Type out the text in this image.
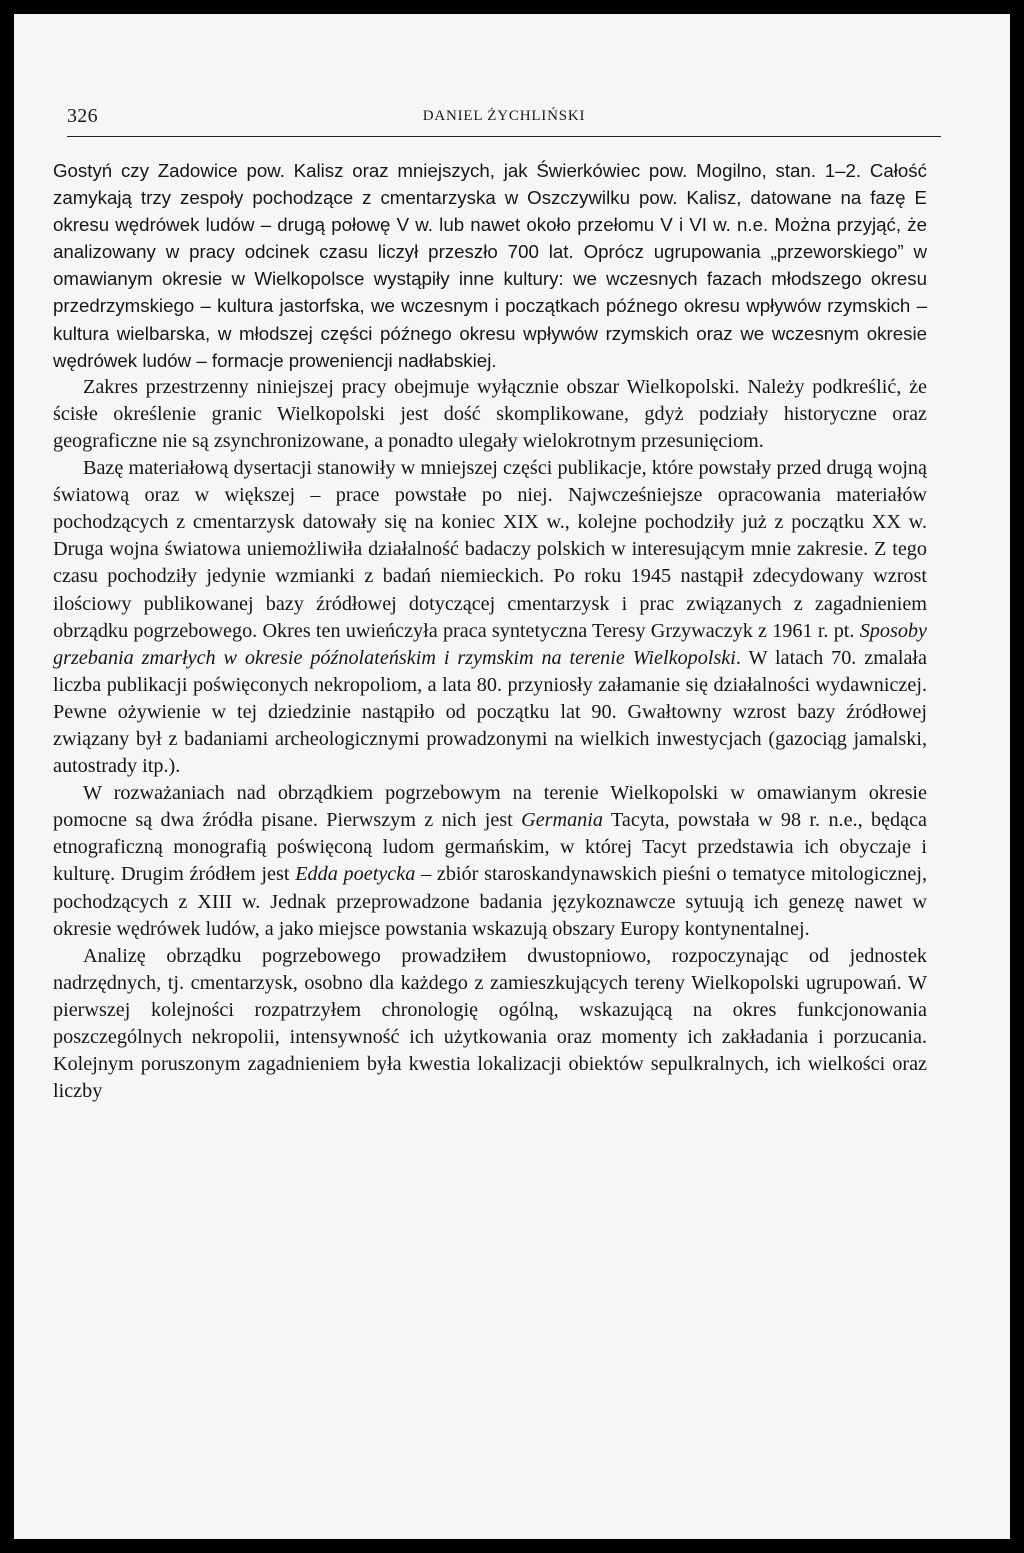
326	DANIEL ŻYCHLIŃSKI

Gostyń czy Zadowice pow. Kalisz oraz mniejszych, jak Świerkówiec pow. Mogilno, stan. 1–2. Całość zamykają trzy zespoły pochodzące z cmentarzyska w Oszczywilku pow. Kalisz, datowane na fazę E okresu wędrówek ludów – drugą połowę V w. lub nawet około przełomu V i VI w. n.e. Można przyjąć, że analizowany w pracy odcinek czasu liczył przeszło 700 lat. Oprócz ugrupowania „przeworskiego” w omawianym okresie w Wielkopolsce wystąpiły inne kultury: we wczesnych fazach młodszego okresu przedrzymskiego – kultura jastorfska, we wczesnym i początkach późnego okresu wpływów rzymskich – kultura wielbarska, w młodszej części późnego okresu wpływów rzymskich oraz we wczesnym okresie wędrówek ludów – formacje proweniencji nadłabskiej.

Zakres przestrzenny niniejszej pracy obejmuje wyłącznie obszar Wielkopolski. Należy podkreślić, że ścisłe określenie granic Wielkopolski jest dość skomplikowane, gdyż podziały historyczne oraz geograficzne nie są zsynchronizowane, a ponadto ulegały wielokrotnym przesunięciom.

Bazę materiałową dysertacji stanowiły w mniejszej części publikacje, które powstały przed drugą wojną światową oraz w większej – prace powstałe po niej. Najwcześniejsze opracowania materiałów pochodzących z cmentarzysk datowały się na koniec XIX w., kolejne pochodziły już z początku XX w. Druga wojna światowa uniemożliwiła działalność badaczy polskich w interesującym mnie zakresie. Z tego czasu pochodziły jedynie wzmianki z badań niemieckich. Po roku 1945 nastąpił zdecydowany wzrost ilościowy publikowanej bazy źródłowej dotyczącej cmentarzysk i prac związanych z zagadnieniem obrządku pogrzebowego. Okres ten uwieńczyła praca syntetyczna Teresy Grzywaczyk z 1961 r. pt. Sposoby grzebania zmarłych w okresie późnolateńskim i rzymskim na terenie Wielkopolski. W latach 70. zmalała liczba publikacji poświęconych nekropoliom, a lata 80. przyniosły załamanie się działalności wydawniczej. Pewne ożywienie w tej dziedzinie nastąpiło od początku lat 90. Gwałtowny wzrost bazy źródłowej związany był z badaniami archeologicznymi prowadzonymi na wielkich inwestycjach (gazociąg jamalski, autostrady itp.).

W rozważaniach nad obrządkiem pogrzebowym na terenie Wielkopolski w omawianym okresie pomocne są dwa źródła pisane. Pierwszym z nich jest Germania Tacyta, powstała w 98 r. n.e., będąca etnograficzną monografią poświęconą ludom germańskim, w której Tacyt przedstawia ich obyczaje i kulturę. Drugim źródłem jest Edda poetycka – zbiór staroskandynawskich pieśni o tematyce mitologicznej, pochodzących z XIII w. Jednak przeprowadzone badania językoznawcze sytuują ich genezę nawet w okresie wędrówek ludów, a jako miejsce powstania wskazują obszary Europy kontynentalnej.

Analizę obrządku pogrzebowego prowadziłem dwustopniowo, rozpoczynając od jednostek nadrzędnych, tj. cmentarzysk, osobno dla każdego z zamieszkujących tereny Wielkopolski ugrupowań. W pierwszej kolejności rozpatrzyłem chronologię ogólną, wskazującą na okres funkcjonowania poszczególnych nekropolii, intensywność ich użytkowania oraz momenty ich zakładania i porzucania. Kolejnym poruszonym zagadnieniem była kwestia lokalizacji obiektów sepulkralnych, ich wielkości oraz liczby
